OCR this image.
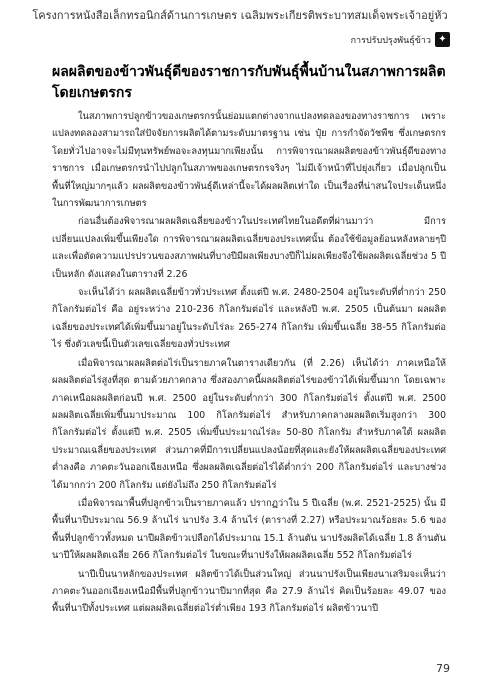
โครงการหนังสือเล็กทรอนิกส์ด้านการเกษตร เฉลิมพระเกียรติพระบาทสมเด็จพระเจ้าอยู่หัว
การปรับปรุงพันธุ์ข้าว ✦
ผลผลิตของข้าวพันธุ์ดีของราชการกับพันธุ์พื้นบ้านในสภาพการผลิตโดยเกษตรกร

ในสภาพการปลูกข้าวของเกษตรกรนั้นย่อมแตกต่างจากแปลงทดลองของทางราชการ เพราะแปลงทดลองสามารถใส่ปัจจัยการผลิตได้ตามระดับมาตรฐาน เช่น ปุ๋ย การกำจัดวัชพืช ซึ่งเกษตรกรโดยทั่วไปอาจจะไม่มีทุนทรัพย์พอจะลงทุนมากเพียงนั้น การพิจารณาผลผลิตของข้าวพันธุ์ดีของทางราชการ เมื่อเกษตรกรนำไปปลูกในสภาพของเกษตรกรจริงๆ ไม่มีเจ้าหน้าที่ไปยุ่งเกี่ยว เมื่อปลูกเป็นพื้นที่ใหญ่มากๆแล้ว ผลผลิตของข้าวพันธุ์ดีเหล่านี้จะได้ผลผลิตเท่าใด เป็นเรื่องที่น่าสนใจประเด็นหนึ่งในการพัฒนาการเกษตร

ก่อนอื่นต้องพิจารณาผลผลิตเฉลี่ยของข้าวในประเทศไทยในอดีตที่ผ่านมาว่า มีการเปลี่ยนแปลงเพิ่มขึ้นเพียงใด การพิจารณาผลผลิตเฉลี่ยของประเทศนั้น ต้องใช้ข้อมูลย้อนหลังหลายๆปี และเพื่อตัดความแปรปรวนของสภาพฝนที่บางปีมีผลเพียงบางปีก็ไม่ผลเพียงจึงใช้ผลผลิตเฉลี่ยช่วง 5 ปีเป็นหลัก ดังแสดงในตารางที่ 2.26

จะเห็นได้ว่า ผลผลิตเฉลี่ยข้าวทั่วประเทศ ตั้งแต่ปี พ.ศ. 2480-2504 อยู่ในระดับที่ต่ำกว่า 250 กิโลกรัมต่อไร่ คือ อยู่ระหว่าง 210-236 กิโลกรัมต่อไร่ และหลังปี พ.ศ. 2505 เป็นต้นมา ผลผลิตเฉลี่ยของประเทศได้เพิ่มขึ้นมาอยู่ในระดับไร่ละ 265-274 กิโลกรัม เพิ่มขึ้นเฉลี่ย 38-55 กิโลกรัมต่อไร่ ซึ่งตัวเลขนี้เป็นตัวเลขเฉลี่ยของทั่วประเทศ

เมื่อพิจารณาผลผลิตต่อไร่เป็นรายภาคในตารางเดียวกัน (ที่ 2.26) เห็นได้ว่า ภาคเหนือให้ผลผลิตต่อไร่สูงที่สุด ตามด้วยภาคกลาง ซึ่งสองภาคนี้ผลผลิตต่อไร่ของข้าวได้เพิ่มขึ้นมาก โดยเฉพาะภาคเหนือผลผลิตก่อนปี พ.ศ. 2500 อยู่ในระดับต่ำกว่า 300 กิโลกรัมต่อไร่ ตั้งแต่ปี พ.ศ. 2500 ผลผลิตเฉลี่ยเพิ่มขึ้นมาประมาณ 100 กิโลกรัมต่อไร่ สำหรับภาคกลางผลผลิตเริ่มสูงกว่า 300 กิโลกรัมต่อไร่ ตั้งแต่ปี พ.ศ. 2505 เพิ่มขึ้นประมาณไร่ละ 50-80 กิโลกรัม สำหรับภาคใต้ ผลผลิตประมาณเฉลี่ยของประเทศ ส่วนภาคที่มีการเปลี่ยนแปลงน้อยที่สุดและยังให้ผลผลิตเฉลี่ยของประเทศต่ำลงคือ ภาคตะวันออกเฉียงเหนือ ซึ่งผลผลิตเฉลี่ยต่อไร่ได้ต่ำกว่า 200 กิโลกรัมต่อไร่ และบางช่วงได้มากกว่า 200 กิโลกรัม แต่ยังไม่ถึง 250 กิโลกรัมต่อไร่

เมื่อพิจารณาพื้นที่ปลูกข้าวเป็นรายภาคแล้ว ปรากฏว่าใน 5 ปีเฉลี่ย (พ.ศ. 2521-2525) นั้น มีพื้นที่นาปีประมาณ 56.9 ล้านไร่ นาปรัง 3.4 ล้านไร่ (ตารางที่ 2.27) หรือประมาณร้อยละ 5.6 ของพื้นที่ปลูกข้าวทั้งหมด นาปีผลิตข้าวเปลือกได้ประมาณ 15.1 ล้านตัน นาปรังผลิตได้เฉลี่ย 1.8 ล้านตัน นาปีให้ผลผลิตเฉลี่ย 266 กิโลกรัมต่อไร่ ในขณะที่นาปรังให้ผลผลิตเฉลี่ย 552 กิโลกรัมต่อไร่

นาปีเป็นนาหลักของประเทศ ผลิตข้าวได้เป็นส่วนใหญ่ ส่วนนาปรังเป็นเพียงนาเสริมจะเห็นว่า ภาคตะวันออกเฉียงเหนือมีพื้นที่ปลูกข้าวนาปีมากที่สุด คือ 27.9 ล้านไร่ คิดเป็นร้อยละ 49.07 ของพื้นที่นาปีทั้งประเทศ แต่ผลผลิตเฉลี่ยต่อไร่ต่ำเพียง 193 กิโลกรัมต่อไร่ ผลิตข้าวนาปี

79
